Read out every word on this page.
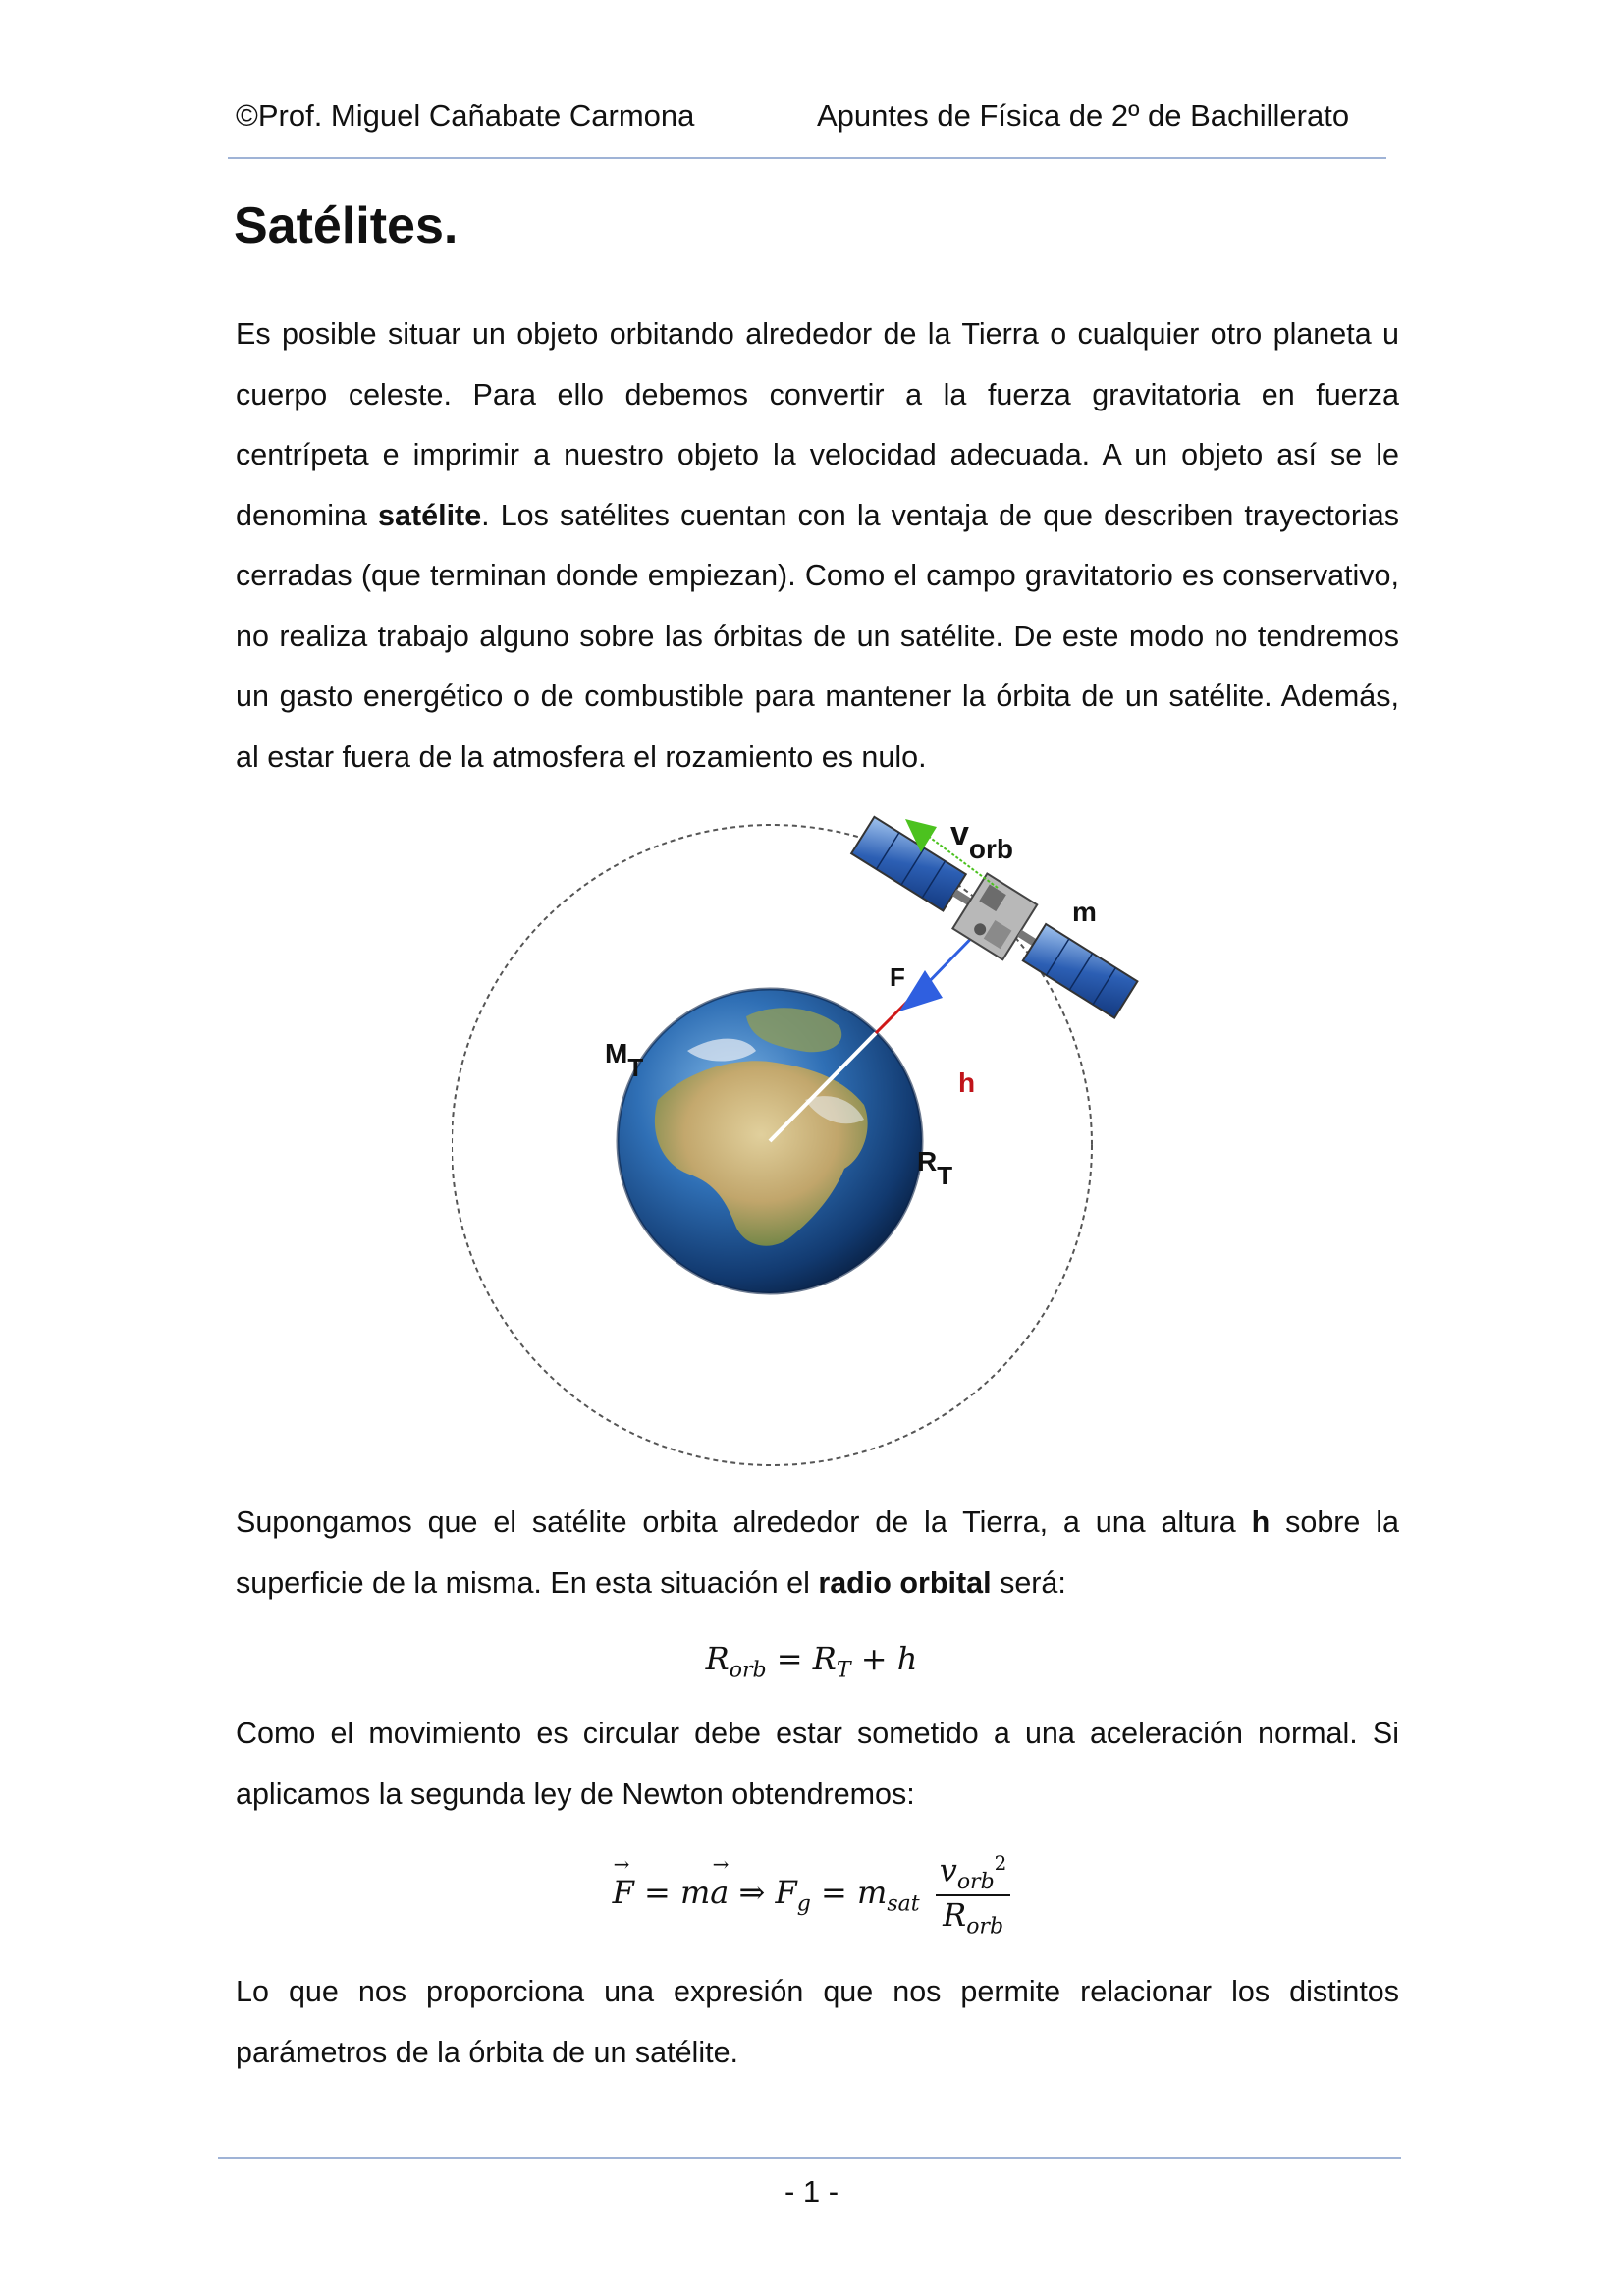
©Prof. Miguel Cañabate Carmona	Apuntes de Física de 2º de Bachillerato
Satélites.

Es posible situar un objeto orbitando alrededor de la Tierra o cualquier otro planeta u cuerpo celeste. Para ello debemos convertir a la fuerza gravitatoria en fuerza centrípeta e imprimir a nuestro objeto la velocidad adecuada. A un objeto así se le denomina satélite. Los satélites cuentan con la ventaja de que describen trayectorias cerradas (que terminan donde empiezan). Como el campo gravitatorio es conservativo, no realiza trabajo alguno sobre las órbitas de un satélite. De este modo no tendremos un gasto energético o de combustible para mantener la órbita de un satélite. Además, al estar fuera de la atmosfera el rozamiento es nulo.

$v_{orb}$
m
F
MT	h
RT

Supongamos que el satélite orbita alrededor de la Tierra, a una altura h sobre la superficie de la misma. En esta situación el radio orbital será:

$R_{orb} = R_T + h$

Como el movimiento es circular debe estar sometido a una aceleración normal. Si aplicamos la segunda ley de Newton obtendremos:

F
→
= ma
→
⇒ $F_g = m_{sat}$
$v_{orb}^2$
$R_{orb}$

Lo que nos proporciona una expresión que nos permite relacionar los distintos parámetros de la órbita de un satélite.

- 1 -
